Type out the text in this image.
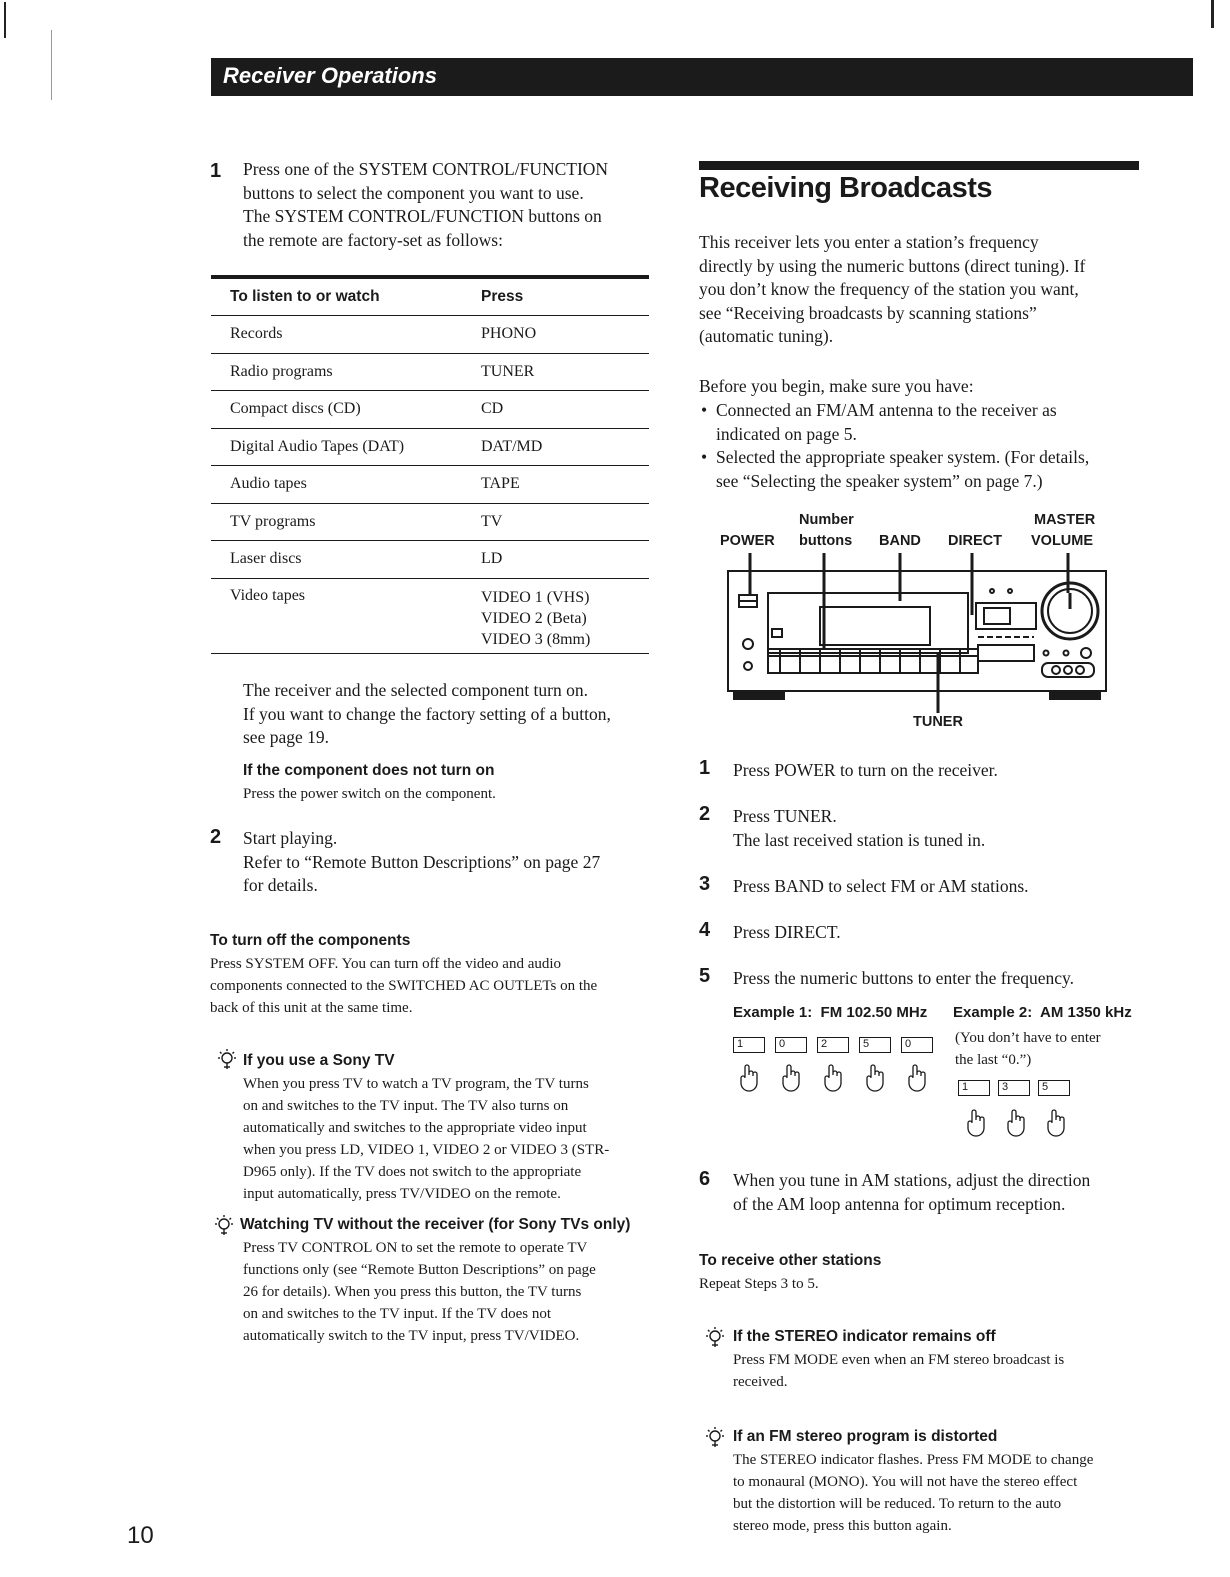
Receiver Operations
1 Press one of the SYSTEM CONTROL/FUNCTION
buttons to select the component you want to use.
The SYSTEM CONTROL/FUNCTION buttons on
the remote are factory-set as follows:
To listen to or watch	Press
Records	PHONO
Radio programs	TUNER
Compact discs (CD)	CD
Digital Audio Tapes (DAT)	DAT/MD
Audio tapes	TAPE
TV programs	TV
Laser discs	LD
Video tapes	VIDEO 1 (VHS)
VIDEO 2 (Beta)
VIDEO 3 (8mm)
The receiver and the selected component turn on.
If you want to change the factory setting of a button,
see page 19.
If the component does not turn on
Press the power switch on the component.
2 Start playing.
Refer to “Remote Button Descriptions” on page 27
for details.
To turn off the components
Press SYSTEM OFF. You can turn off the video and audio
components connected to the SWITCHED AC OUTLETs on the
back of this unit at the same time.
If you use a Sony TV
When you press TV to watch a TV program, the TV turns
on and switches to the TV input. The TV also turns on
automatically and switches to the appropriate video input
when you press LD, VIDEO 1, VIDEO 2 or VIDEO 3 (STR-
D965 only). If the TV does not switch to the appropriate
input automatically, press TV/VIDEO on the remote.
Watching TV without the receiver (for Sony TVs only)
Press TV CONTROL ON to set the remote to operate TV
functions only (see “Remote Button Descriptions” on page
26 for details). When you press this button, the TV turns
on and switches to the TV input. If the TV does not
automatically switch to the TV input, press TV/VIDEO.
10
Receiving Broadcasts
This receiver lets you enter a station’s frequency
directly by using the numeric buttons (direct tuning). If
you don’t know the frequency of the station you want,
see “Receiving broadcasts by scanning stations”
(automatic tuning).
Before you begin, make sure you have:
• Connected an FM/AM antenna to the receiver as
indicated on page 5.
• Selected the appropriate speaker system. (For details,
see “Selecting the speaker system” on page 7.)
Number	MASTER
POWER buttons BAND DIRECT VOLUME
TUNER
1 Press POWER to turn on the receiver.
2 Press TUNER.
The last received station is tuned in.
3 Press BAND to select FM or AM stations.
4 Press DIRECT.
5 Press the numeric buttons to enter the frequency.
Example 1:  FM 102.50 MHz Example 2:  AM 1350 kHz
(You don’t have to enter
the last “0.”)
1	0	2	5	0
1	3	5
6 When you tune in AM stations, adjust the direction
of the AM loop antenna for optimum reception.
To receive other stations
Repeat Steps 3 to 5.
If the STEREO indicator remains off
Press FM MODE even when an FM stereo broadcast is
received.
If an FM stereo program is distorted
The STEREO indicator flashes. Press FM MODE to change
to monaural (MONO). You will not have the stereo effect
but the distortion will be reduced. To return to the auto
stereo mode, press this button again.
